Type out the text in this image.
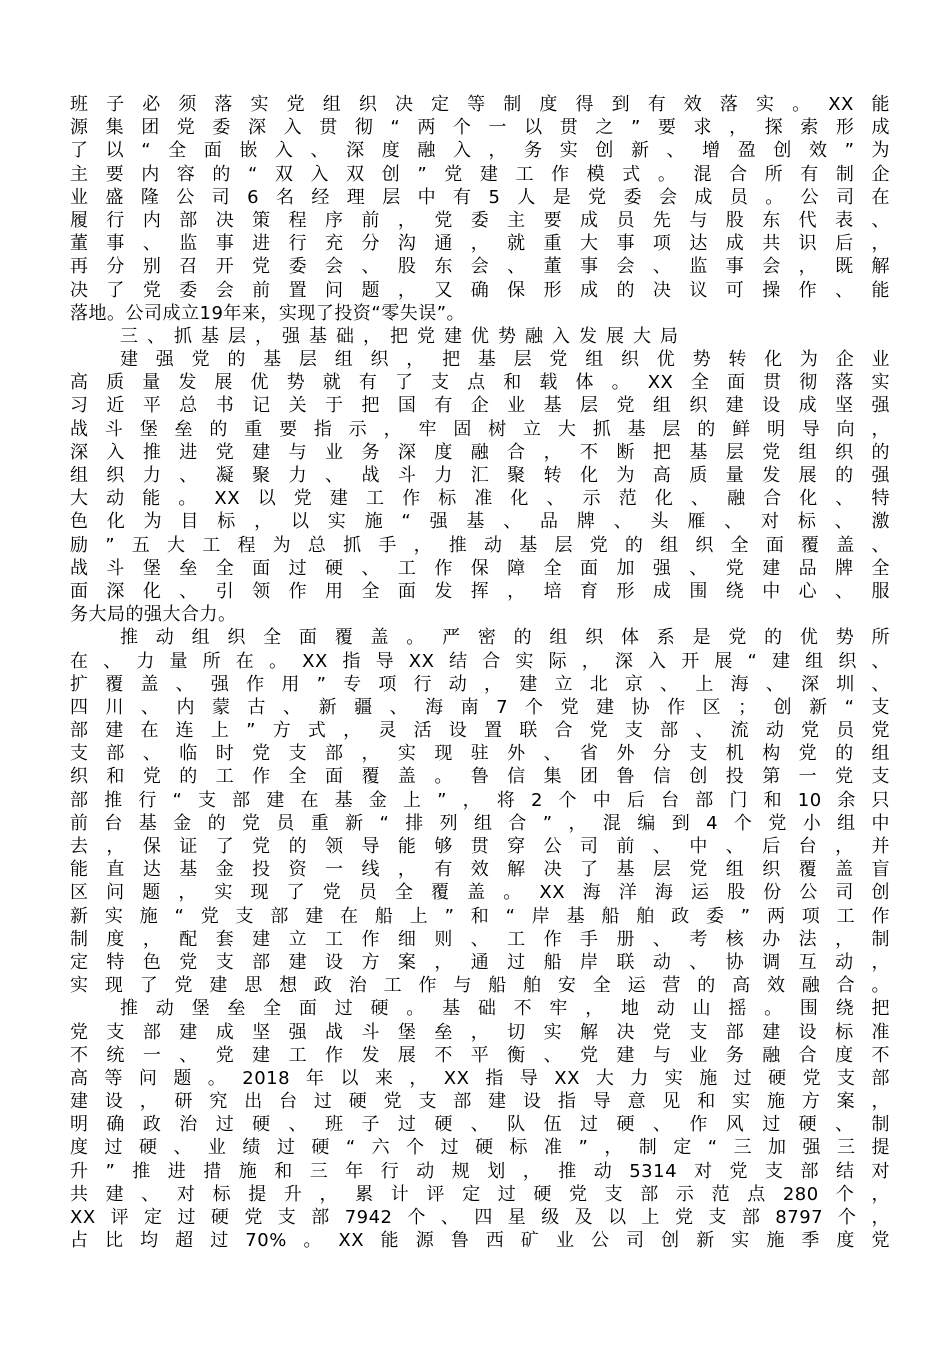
班子必须落实党组织决定等制度得到有效落实。XX能
源集团党委深入贯彻“两个一以贯之”要求，探索形成
了以“全面嵌入、深度融入，务实创新、增盈创效”为
主要内容的“双入双创”党建工作模式。混合所有制企
业盛隆公司6名经理层中有5人是党委会成员。公司在
履行内部决策程序前，党委主要成员先与股东代表、
董事、监事进行充分沟通，就重大事项达成共识后，
再分别召开党委会、股东会、董事会、监事会，既解
决了党委会前置问题，又确保形成的决议可操作、能
落地。公司成立19年来，实现了投资“零失误”。
三、抓基层，强基础，把党建优势融入发展大局
建强党的基层组织，把基层党组织优势转化为企业
高质量发展优势就有了支点和载体。XX全面贯彻落实
习近平总书记关于把国有企业基层党组织建设成坚强
战斗堡垒的重要指示，牢固树立大抓基层的鲜明导向，
深入推进党建与业务深度融合，不断把基层党组织的
组织力、凝聚力、战斗力汇聚转化为高质量发展的强
大动能。XX以党建工作标准化、示范化、融合化、特
色化为目标，以实施“强基、品牌、头雁、对标、激
励”五大工程为总抓手，推动基层党的组织全面覆盖、
战斗堡垒全面过硬、工作保障全面加强、党建品牌全
面深化、引领作用全面发挥，培育形成围绕中心、服
务大局的强大合力。
推动组织全面覆盖。严密的组织体系是党的优势所
在、力量所在。XX指导XX结合实际，深入开展“建组织、
扩覆盖、强作用”专项行动，建立北京、上海、深圳、
四川、内蒙古、新疆、海南7个党建协作区；创新“支
部建在连上”方式，灵活设置联合党支部、流动党员党
支部、临时党支部，实现驻外、省外分支机构党的组
织和党的工作全面覆盖。鲁信集团鲁信创投第一党支
部推行“支部建在基金上”，将2个中后台部门和10余只
前台基金的党员重新“排列组合”，混编到4个党小组中
去，保证了党的领导能够贯穿公司前、中、后台，并
能直达基金投资一线，有效解决了基层党组织覆盖盲
区问题，实现了党员全覆盖。XX海洋海运股份公司创
新实施“党支部建在船上”和“岸基船舶政委”两项工作
制度，配套建立工作细则、工作手册、考核办法，制
定特色党支部建设方案，通过船岸联动、协调互动，
实现了党建思想政治工作与船舶安全运营的高效融合。
推动堡垒全面过硬。基础不牢，地动山摇。围绕把
党支部建成坚强战斗堡垒，切实解决党支部建设标准
不统一、党建工作发展不平衡、党建与业务融合度不
高等问题。2018年以来，XX指导XX大力实施过硬党支部
建设，研究出台过硬党支部建设指导意见和实施方案，
明确政治过硬、班子过硬、队伍过硬、作风过硬、制
度过硬、业绩过硬“六个过硬标准”，制定“三加强三提
升”推进措施和三年行动规划，推动5314对党支部结对
共建、对标提升，累计评定过硬党支部示范点280个，
XX评定过硬党支部7942个、四星级及以上党支部8797个，
占比均超过70%。XX能源鲁西矿业公司创新实施季度党
